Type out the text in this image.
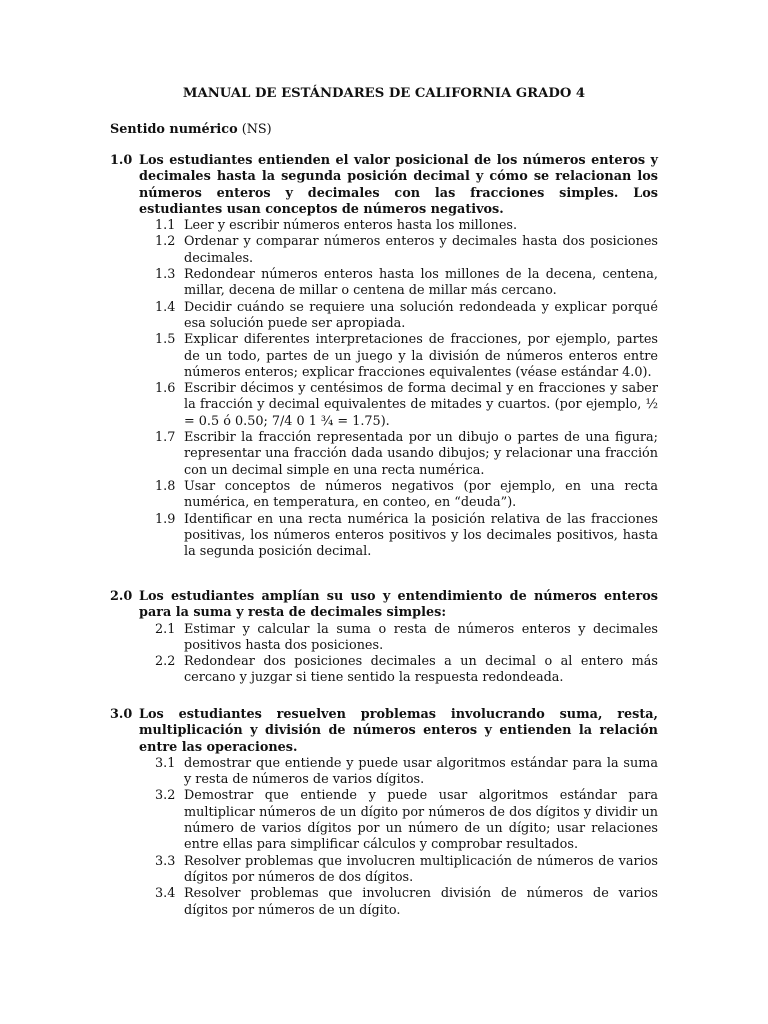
MANUAL DE ESTÁNDARES DE CALIFORNIA GRADO 4
Sentido numérico (NS)
1.0 Los estudiantes entienden el valor posicional de los números enteros y decimales hasta la segunda posición decimal y cómo se relacionan los números enteros y decimales con las fracciones simples. Los estudiantes usan conceptos de números negativos.
1.1 Leer y escribir números enteros hasta los millones.
1.2 Ordenar y comparar números enteros y decimales hasta dos posiciones decimales.
1.3 Redondear números enteros hasta los millones de la decena, centena, millar, decena de millar o centena de millar más cercano.
1.4 Decidir cuándo se requiere una solución redondeada y explicar porqué esa solución puede ser apropiada.
1.5 Explicar diferentes interpretaciones de fracciones, por ejemplo, partes de un todo, partes de un juego y la división de números enteros entre números enteros; explicar fracciones equivalentes (véase estándar 4.0).
1.6 Escribir décimos y centésimos de forma decimal y en fracciones y saber la fracción y decimal equivalentes de mitades y cuartos. (por ejemplo, ½ = 0.5 ó 0.50; 7/4 0 1 ¾ = 1.75).
1.7 Escribir la fracción representada por un dibujo o partes de una figura; representar una fracción dada usando dibujos; y relacionar una fracción con un decimal simple en una recta numérica.
1.8 Usar conceptos de números negativos (por ejemplo, en una recta numérica, en temperatura, en conteo, en “deuda”).
1.9 Identificar en una recta numérica la posición relativa de las fracciones positivas, los números enteros positivos y los decimales positivos, hasta la segunda posición decimal.
2.0 Los estudiantes amplían su uso y entendimiento de números enteros para la suma y resta de decimales simples:
2.1 Estimar y calcular la suma o resta de números enteros y decimales positivos hasta dos posiciones.
2.2 Redondear dos posiciones decimales a un decimal o al entero más cercano y juzgar si tiene sentido la respuesta redondeada.
3.0 Los estudiantes resuelven problemas involucrando suma, resta, multiplicación y división de números enteros y entienden la relación entre las operaciones.
3.1 demostrar que entiende y puede usar algoritmos estándar para la suma y resta de números de varios dígitos.
3.2 Demostrar que entiende y puede usar algoritmos estándar para multiplicar números de un dígito por números de dos dígitos y dividir un número de varios dígitos por un número de un dígito; usar relaciones entre ellas para simplificar cálculos y comprobar resultados.
3.3 Resolver problemas que involucren multiplicación de números de varios dígitos por números de dos dígitos.
3.4 Resolver problemas que involucren división de números de varios dígitos por números de un dígito.
